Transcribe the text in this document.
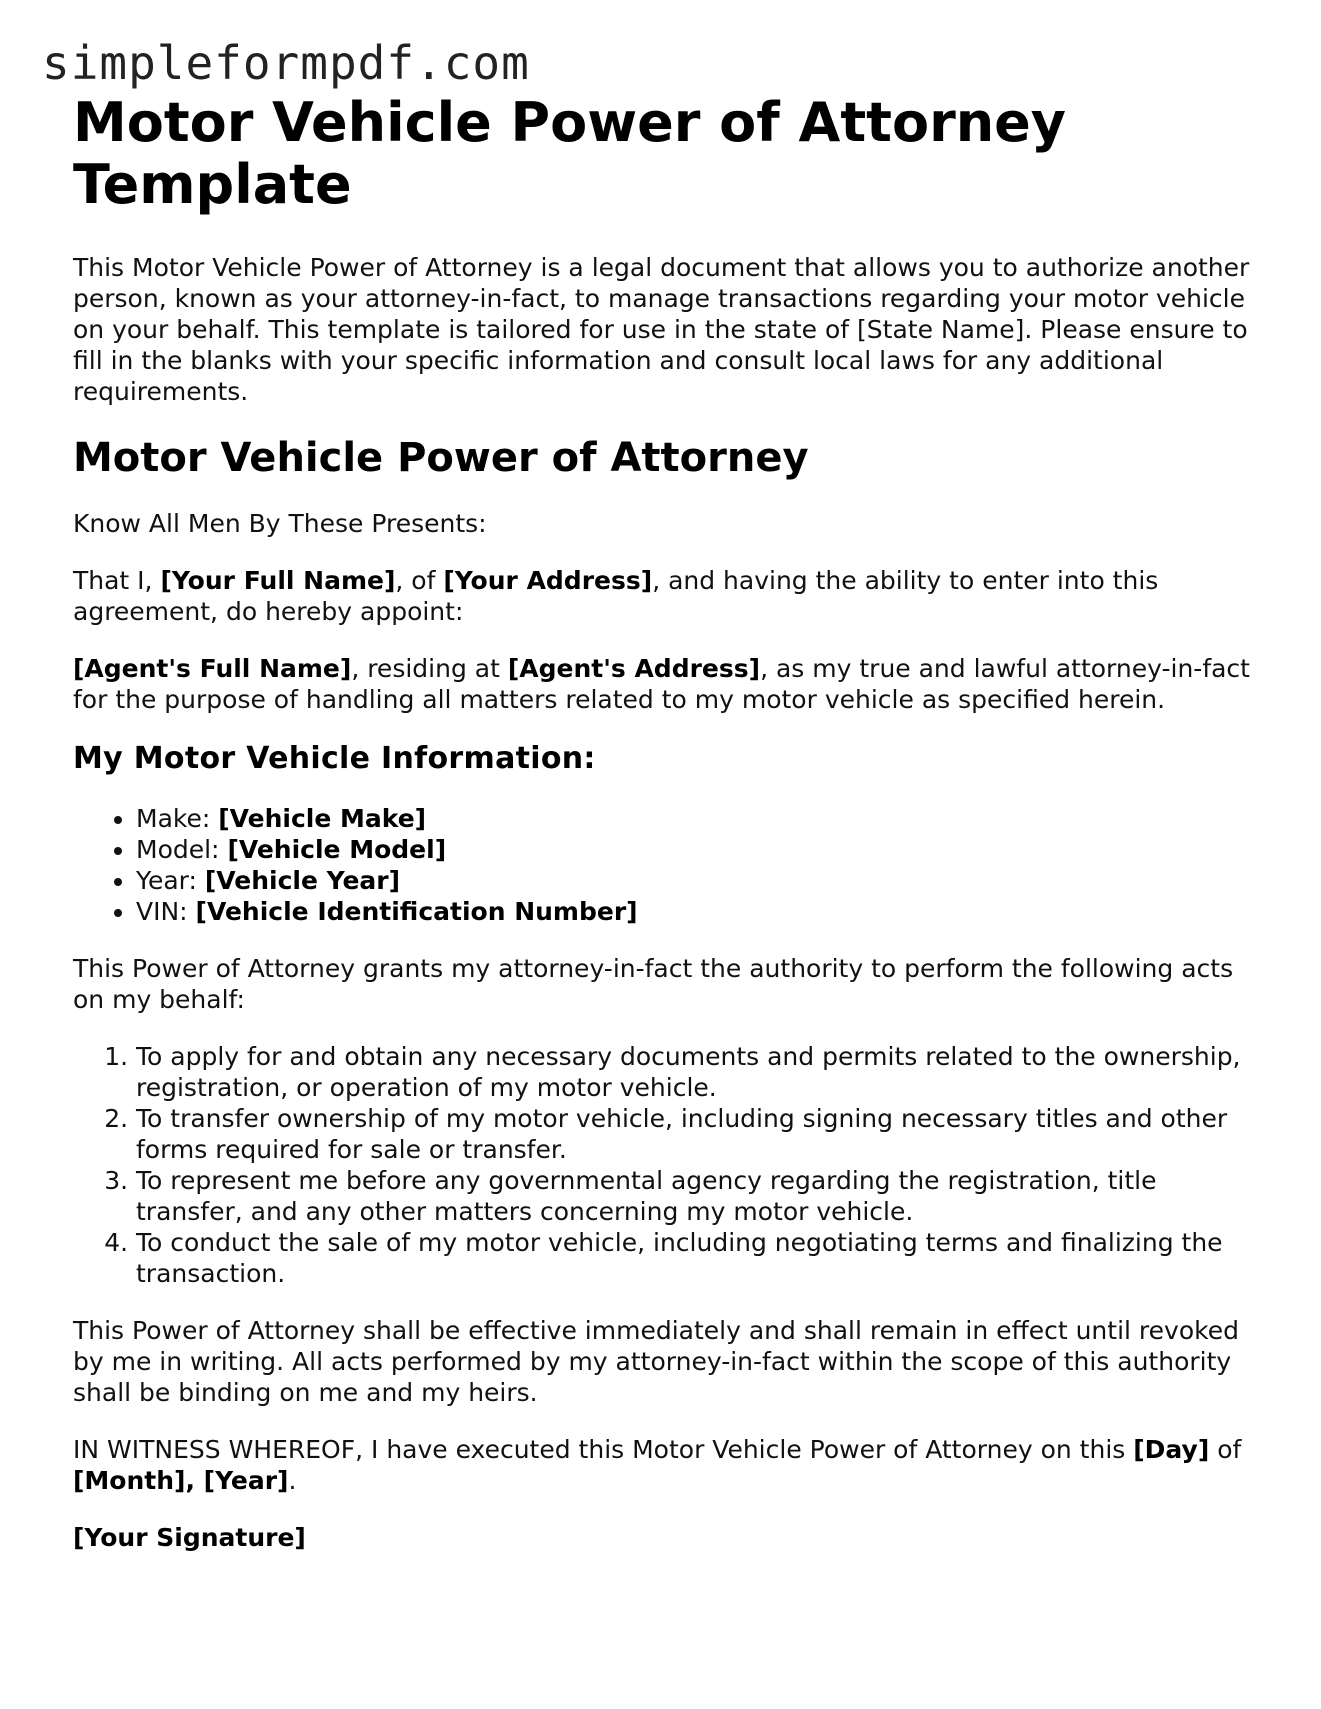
simpleformpdf.com
Motor Vehicle Power of Attorney Template

This Motor Vehicle Power of Attorney is a legal document that allows you to authorize another person, known as your attorney-in-fact, to manage transactions regarding your motor vehicle on your behalf. This template is tailored for use in the state of [State Name]. Please ensure to fill in the blanks with your specific information and consult local laws for any additional requirements.

Motor Vehicle Power of Attorney

Know All Men By These Presents:

That I, [Your Full Name], of [Your Address], and having the ability to enter into this agreement, do hereby appoint:

[Agent's Full Name], residing at [Agent's Address], as my true and lawful attorney-in-fact for the purpose of handling all matters related to my motor vehicle as specified herein.

My Motor Vehicle Information:
• Make: [Vehicle Make]
• Model: [Vehicle Model]
• Year: [Vehicle Year]
• VIN: [Vehicle Identification Number]

This Power of Attorney grants my attorney-in-fact the authority to perform the following acts on my behalf:

1. To apply for and obtain any necessary documents and permits related to the ownership, registration, or operation of my motor vehicle.
2. To transfer ownership of my motor vehicle, including signing necessary titles and other forms required for sale or transfer.
3. To represent me before any governmental agency regarding the registration, title transfer, and any other matters concerning my motor vehicle.
4. To conduct the sale of my motor vehicle, including negotiating terms and finalizing the transaction.

This Power of Attorney shall be effective immediately and shall remain in effect until revoked by me in writing. All acts performed by my attorney-in-fact within the scope of this authority shall be binding on me and my heirs.

IN WITNESS WHEREOF, I have executed this Motor Vehicle Power of Attorney on this [Day] of [Month], [Year].

[Your Signature]
